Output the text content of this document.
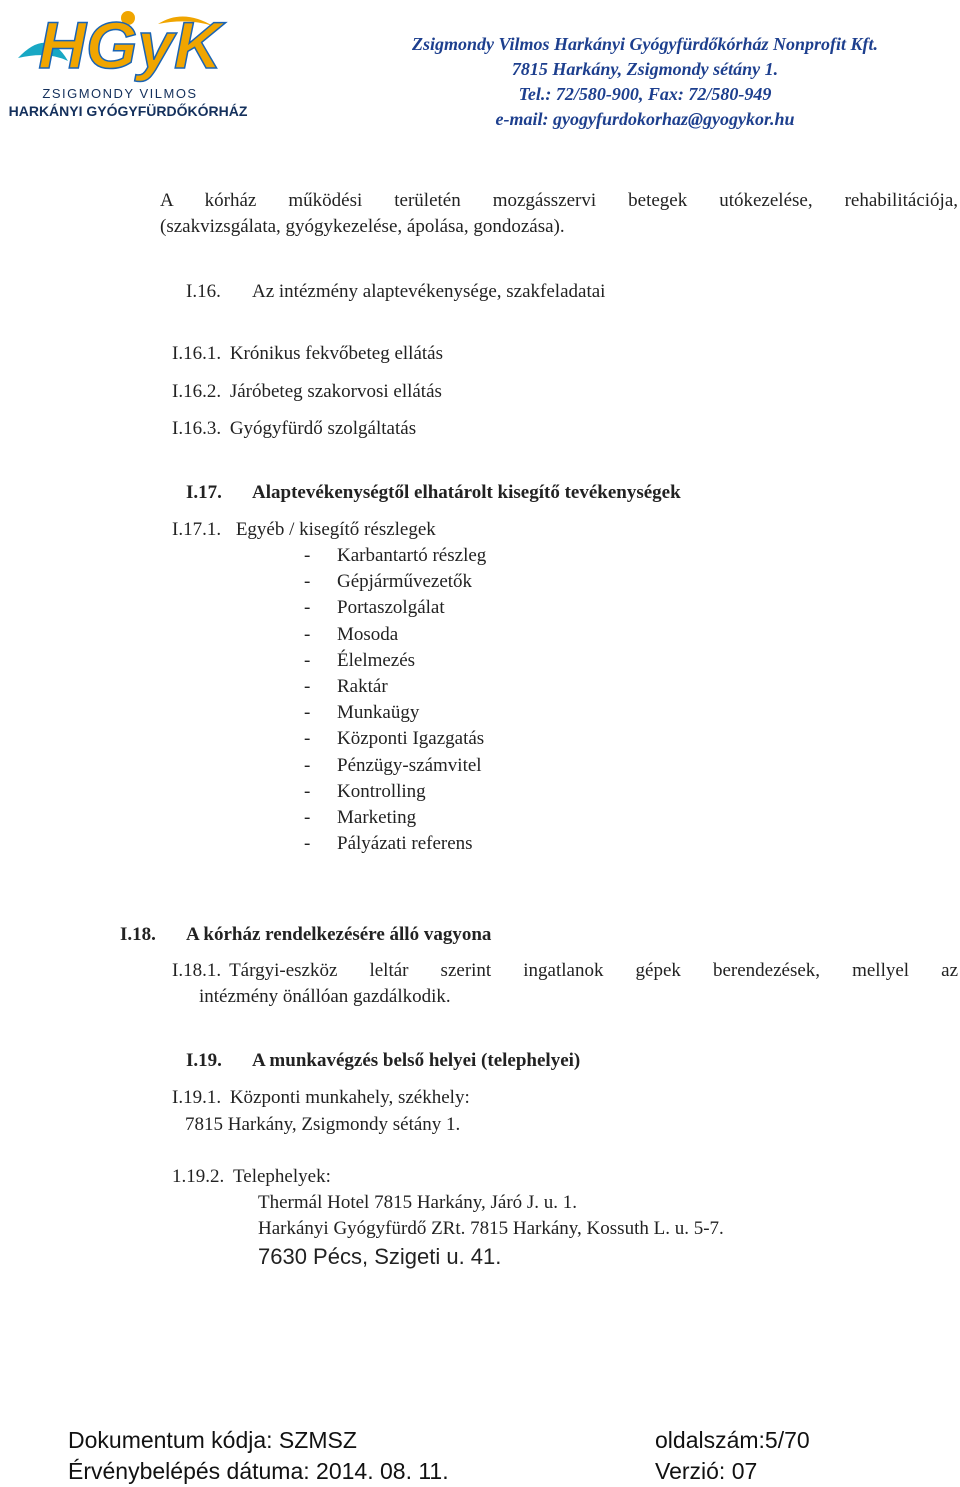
HGyK
ZSIGMONDY VILMOS
HARKÁNYI GYÓGYFÜRDŐKÓRHÁZ
Zsigmondy Vilmos Harkányi Gyógyfürdőkórház Nonprofit Kft.
7815 Harkány, Zsigmondy sétány 1.
Tel.: 72/580-900, Fax: 72/580-949
e-mail: gyogyfurdokorhaz@gyogykor.hu
A kórház működési területén mozgásszervi betegek utókezelése, rehabilitációja,
(szakvizsgálata, gyógykezelése, ápolása, gondozása).
I.16. Az intézmény alaptevékenysége, szakfeladatai
I.16.1. Krónikus fekvőbeteg ellátás
I.16.2. Járóbeteg szakorvosi ellátás
I.16.3. Gyógyfürdő szolgáltatás
I.17. Alaptevékenységtől elhatárolt kisegítő tevékenységek
I.17.1. Egyéb / kisegítő részlegek
- Karbantartó részleg
- Gépjárművezetők
- Portaszolgálat
- Mosoda
- Élelmezés
- Raktár
- Munkaügy
- Központi Igazgatás
- Pénzügy-számvitel
- Kontrolling
- Marketing
- Pályázati referens
I.18. A kórház rendelkezésére álló vagyona
I.18.1. Tárgyi-eszköz leltár szerint ingatlanok gépek berendezések, mellyel az
intézmény önállóan gazdálkodik.
I.19. A munkavégzés belső helyei (telephelyei)
I.19.1. Központi munkahely, székhely:
7815 Harkány, Zsigmondy sétány 1.
1.19.2. Telephelyek:
Thermál Hotel 7815 Harkány, Járó J. u. 1.
Harkányi Gyógyfürdő ZRt. 7815 Harkány, Kossuth L. u. 5-7.
7630 Pécs, Szigeti u. 41.
Dokumentum kódja: SZMSZ	oldalszám:5/70
Érvénybelépés dátuma: 2014. 08. 11.	Verzió: 07
